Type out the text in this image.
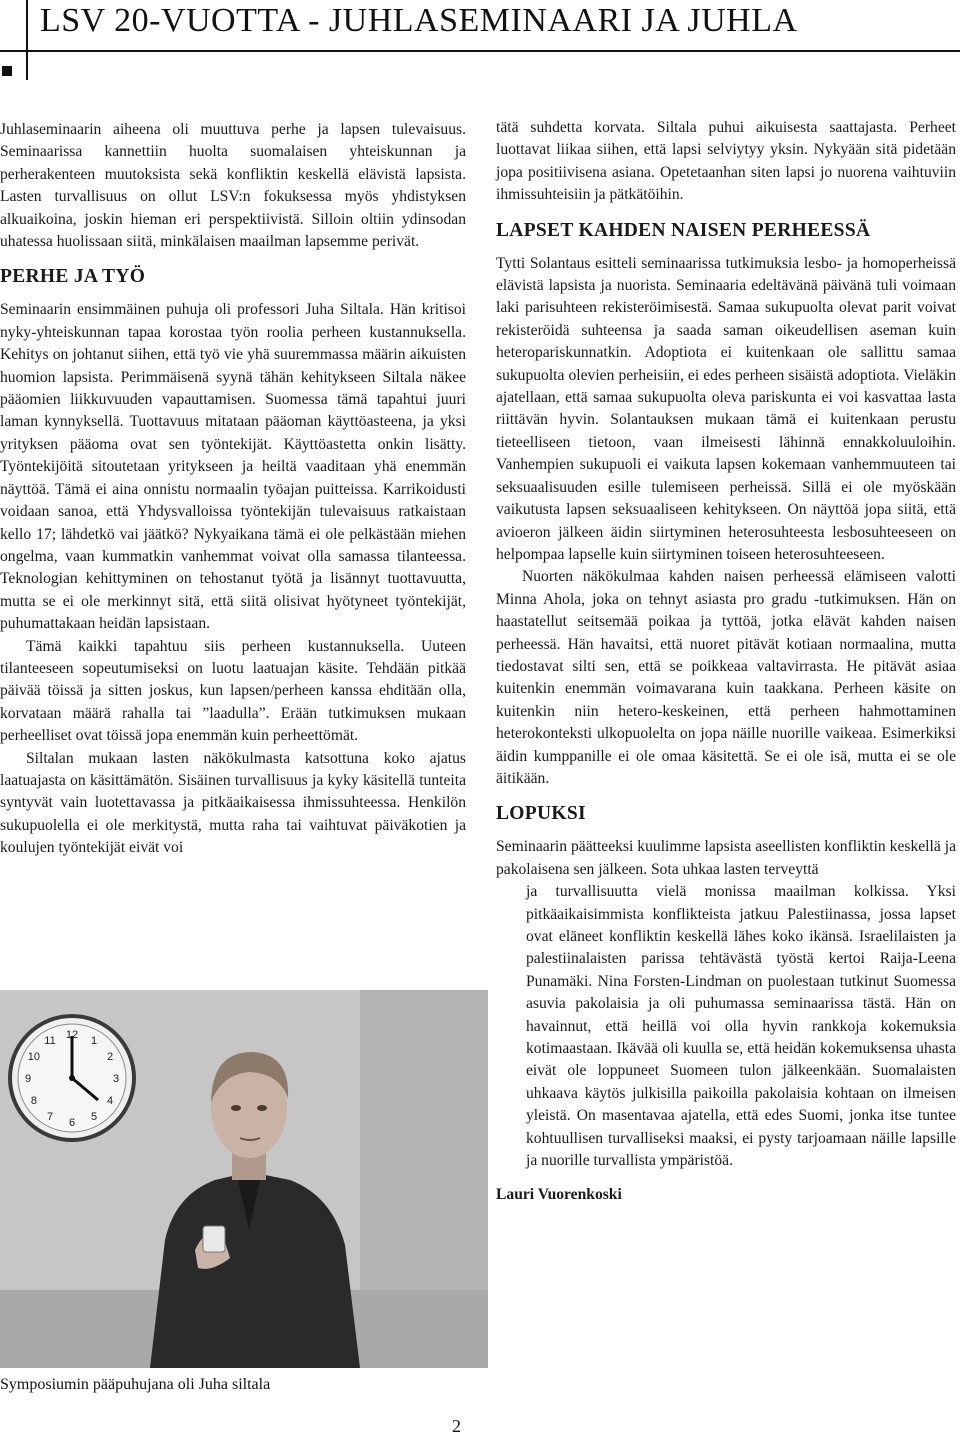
LSV 20-VUOTTA - JUHLASEMINAARI JA JUHLA

Juhlaseminaarin aiheena oli muuttuva perhe ja lapsen tulevaisuus. Seminaarissa kannettiin huolta suomalaisen yhteiskunnan ja perherakenteen muutoksista sekä konfliktin keskellä elävistä lapsista. Lasten turvallisuus on ollut LSV:n fokuksessa myös yhdistyksen alkuaikoina, joskin hieman eri perspektiivistä. Silloin oltiin ydinsodan uhatessa huolissaan siitä, minkälaisen maailman lapsemme perivät.

PERHE JA TYÖ

Seminaarin ensimmäinen puhuja oli professori Juha Siltala. Hän kritisoi nyky-yhteiskunnan tapaa korostaa työn roolia perheen kustannuksella. Kehitys on johtanut siihen, että työ vie yhä suuremmassa määrin aikuisten huomion lapsista. Perimmäisenä syynä tähän kehitykseen Siltala näkee pääomien liikkuvuuden vapauttamisen. Suomessa tämä tapahtui juuri laman kynnyksellä. Tuottavuus mitataan pääoman käyttöasteena, ja yksi yrityksen pääoma ovat sen työntekijät. Käyttöastetta onkin lisätty. Työntekijöitä sitoutetaan yritykseen ja heiltä vaaditaan yhä enemmän näyttöä. Tämä ei aina onnistu normaalin työajan puitteissa. Karrikoidusti voidaan sanoa, että Yhdysvalloissa työntekijän tulevaisuus ratkaistaan kello 17; lähdetkö vai jäätkö? Nykyaikana tämä ei ole pelkästään miehen ongelma, vaan kummatkin vanhemmat voivat olla samassa tilanteessa. Teknologian kehittyminen on tehostanut työtä ja lisännyt tuottavuutta, mutta se ei ole merkinnyt sitä, että siitä olisivat hyötyneet työntekijät, puhumattakaan heidän lapsistaan.

Tämä kaikki tapahtuu siis perheen kustannuksella. Uuteen tilanteeseen sopeutumiseksi on luotu laatuajan käsite. Tehdään pitkää päivää töissä ja sitten joskus, kun lapsen/perheen kanssa ehditään olla, korvataan määrä rahalla tai ”laadulla”. Erään tutkimuksen mukaan perheelliset ovat töissä jopa enemmän kuin perheettömät.

Siltalan mukaan lasten näkökulmasta katsottuna koko ajatus laatuajasta on käsittämätön. Sisäinen turvallisuus ja kyky käsitellä tunteita syntyvät vain luotettavassa ja pitkäaikaisessa ihmissuhteessa. Henkilön sukupuolella ei ole merkitystä, mutta raha tai vaihtuvat päiväkotien ja koulujen työntekijät eivät voi

tätä suhdetta korvata. Siltala puhui aikuisesta saattajasta. Perheet luottavat liikaa siihen, että lapsi selviytyy yksin. Nykyään sitä pidetään jopa positiivisena asiana. Opetetaanhan siten lapsi jo nuorena vaihtuviin ihmissuhteisiin ja pätkätöihin.

LAPSET KAHDEN NAISEN PERHEESSÄ

Tytti Solantaus esitteli seminaarissa tutkimuksia lesbo- ja homoperheissä elävistä lapsista ja nuorista. Seminaaria edeltävänä päivänä tuli voimaan laki parisuhteen rekisteröimisestä. Samaa sukupuolta olevat parit voivat rekisteröidä suhteensa ja saada saman oikeudellisen aseman kuin heteropariskunnatkin. Adoptiota ei kuitenkaan ole sallittu samaa sukupuolta olevien perheisiin, ei edes perheen sisäistä adoptiota. Vieläkin ajatellaan, että samaa sukupuolta oleva pariskunta ei voi kasvattaa lasta riittävän hyvin. Solantauksen mukaan tämä ei kuitenkaan perustu tieteelliseen tietoon, vaan ilmeisesti lähinnä ennakkoluuloihin. Vanhempien sukupuoli ei vaikuta lapsen kokemaan vanhemmuuteen tai seksuaalisuuden esille tulemiseen perheissä. Sillä ei ole myöskään vaikutusta lapsen seksuaaliseen kehitykseen. On näyttöä jopa siitä, että avioeron jälkeen äidin siirtyminen heterosuhteesta lesbosuhteeseen on helpompaa lapselle kuin siirtyminen toiseen heterosuhteeseen.

Nuorten näkökulmaa kahden naisen perheessä elämiseen valotti Minna Ahola, joka on tehnyt asiasta pro gradu -tutkimuksen. Hän on haastatellut seitsemää poikaa ja tyttöä, jotka elävät kahden naisen perheessä. Hän havaitsi, että nuoret pitävät kotiaan normaalina, mutta tiedostavat silti sen, että se poikkeaa valtavirrasta. He pitävät asiaa kuitenkin enemmän voimavarana kuin taakkana. Perheen käsite on kuitenkin niin hetero-keskeinen, että perheen hahmottaminen heterokonteksti ulkopuolelta on jopa näille nuorille vaikeaa. Esimerkiksi äidin kumppanille ei ole omaa käsitettä. Se ei ole isä, mutta ei se ole äitikään.

LOPUKSI

Seminaarin päätteeksi kuulimme lapsista aseellisten konfliktin keskellä ja pakolaisena sen jälkeen. Sota uhkaa lasten terveyttä

ja turvallisuutta vielä monissa maailman kolkissa. Yksi pitkäaikaisimmista konflikteista jatkuu Palestiinassa, jossa lapset ovat eläneet konfliktin keskellä lähes koko ikänsä. Israelilaisten ja palestiinalaisten parissa tehtävästä työstä kertoi Raija-Leena Punamäki. Nina Forsten-Lindman on puolestaan tutkinut Suomessa asuvia pakolaisia ja oli puhumassa seminaarissa tästä. Hän on havainnut, että heillä voi olla hyvin rankkoja kokemuksia kotimaastaan. Ikävää oli kuulla se, että heidän kokemuksensa uhasta eivät ole loppuneet Suomeen tulon jälkeenkään. Suomalaisten uhkaava käytös julkisilla paikoilla pakolaisia kohtaan on ilmeisen yleistä. On masentavaa ajatella, että edes Suomi, jonka itse tuntee kohtuullisen turvalliseksi maaksi, ei pysty tarjoamaan näille lapsille ja nuorille turvallista ympäristöä.

Lauri Vuorenkoski

12 1
2
3
4
5
6
7
8
9
10
11
Symposiumin pääpuhujana oli Juha siltala
2
